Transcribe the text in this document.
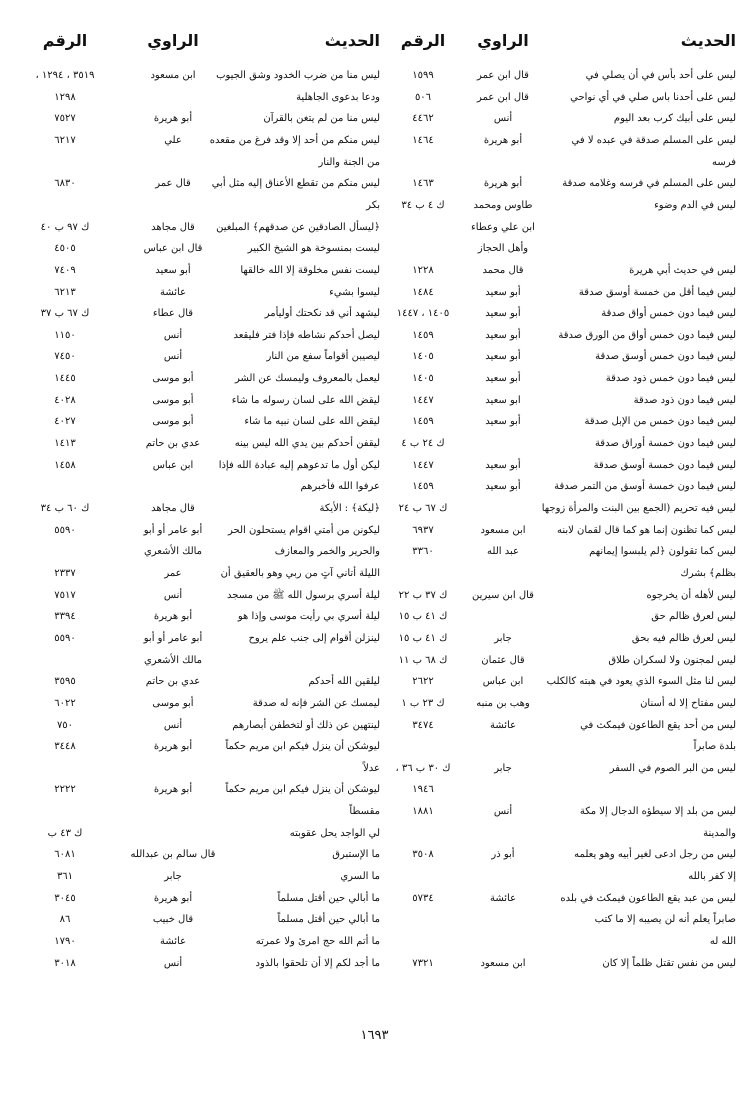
الحديث
الراوي
الرقم
الحديث
الراوي
الرقم
ليس على أحد بأس في أن يصلي في
قال ابن عمر
١٥٩٩
ليس منا من ضرب الخدود وشق الجيوب
ابن مسعود
٣٥١٩ ، ١٢٩٤ ،
ليس على أحدنا باس صلي في أي نواحي
قال ابن عمر
٥٠٦
ودعا بدعوى الجاهلية
١٢٩٨
ليس على أبيك كرب بعد اليوم
أنس
٤٤٦٢
ليس منا من لم يتغن بالقرآن
أبو هريرة
٧٥٢٧
ليس على المسلم صدقة في عبده لا في
أبو هريرة
١٤٦٤
ليس منكم من أحد إلا وقد فرغ من مقعده
علي
٦٢١٧
فرسه
من الجنة والنار
ليس على المسلم في فرسه وغلامه صدقة
أبو هريرة
١٤٦٣
ليس منكم من تقطع الأعناق إليه مثل أبي
قال عمر
٦٨٣٠
ليس في الدم وضوء
طاوس ومحمد
ك ٤ ب ٣٤
بكر
ابن علي وعطاء
﴿ليسأل الصادقين عن صدقهم﴾ المبلغين
قال مجاهد
ك ٩٧ ب ٤٠
وأهل الحجاز
ليست بمنسوخة هو الشيخ الكبير
قال ابن عباس
٤٥٠٥
ليس في حديث أبي هريرة
قال محمد
١٢٢٨
ليست نفس مخلوقة إلا الله خالقها
أبو سعيد
٧٤٠٩
ليس فيما أقل من خمسة أوسق صدقة
أبو سعيد
١٤٨٤
ليسوا بشيء
عائشة
٦٢١٣
ليس فيما دون خمس أواق صدقة
أبو سعيد
١٤٠٥ ، ١٤٤٧
ليشهد أني قد نكحتك أوليأمر
قال عطاء
ك ٦٧ ب ٣٧
ليس فيما دون خمس أواق من الورق صدقة
أبو سعيد
١٤٥٩
ليصل أحدكم نشاطه فإذا فتر فليقعد
أنس
١١٥٠
ليس فيما دون خمس أوسق صدقة
أبو سعيد
١٤٠٥
ليصيبن أقواماً سفع من النار
أنس
٧٤٥٠
ليس فيما دون خمس ذود صدقة
أبو سعيد
١٤٠٥
ليعمل بالمعروف وليمسك عن الشر
أبو موسى
١٤٤٥
ليس فيما دون ذود صدقة
ابو سعيد
١٤٤٧
ليقض الله على لسان رسوله ما شاء
أبو موسى
٤٠٢٨
ليس فيما دون خمس من الإبل صدقة
أبو سعيد
١٤٥٩
ليقض الله على لسان نبيه ما شاء
أبو موسى
٤٠٢٧
ليس فيما دون خمسة أوراق صدقة
ك ٢٤ ب ٤
ليقفن أحدكم بين يدي الله ليس بينه
عدي بن حاتم
١٤١٣
ليس فيما دون خمسة أوسق صدقة
أبو سعيد
١٤٤٧
ليكن أول ما تدعوهم إليه عبادة الله فإذا
ابن عباس
١٤٥٨
ليس فيما دون خمسة أوسق من التمر صدقة
أبو سعيد
١٤٥٩
عرفوا الله فأخبرهم
ليس فيه تحريم (الجمع بين البنت والمرأة زوجها
ك ٦٧ ب ٢٤
﴿ليكة﴾ : الأيكة
قال مجاهد
ك ٦٠ ب ٣٤
ليس كما تظنون إنما هو كما قال لقمان لابنه
ابن مسعود
٦٩٣٧
ليكونن من أمتي اقوام يستحلون الحر
أبو عامر أو أبو
٥٥٩٠
ليس كما تقولون ﴿لم يلبسوا إيمانهم
عبد الله
٣٣٦٠
والحرير والخمر والمعازف
مالك الأشعري
بظلم﴾ بشرك
الليلة أتاني آتٍ من ربي وهو بالعقيق أن
عمر
٢٣٣٧
ليس لأهله أن يخرجوه
قال ابن سيرين
ك ٣٧ ب ٢٢
ليلة أسري برسول الله ﷺ من مسجد
أنس
٧٥١٧
ليس لعرق ظالم حق
ك ٤١ ب ١٥
ليلة أسري بي رأيت موسى وإذا هو
أبو هريرة
٣٣٩٤
ليس لعرق ظالم فيه بحق
جابر
ك ٤١ ب ١٥
لينزلن أقوام إلى جنب علم يروح
أبو عامر أو أبو
٥٥٩٠
ليس لمجنون ولا لسكران طلاق
قال عثمان
ك ٦٨ ب ١١
مالك الأشعري
ليس لنا مثل السوء الذي يعود في هبته كالكلب
ابن عباس
٢٦٢٢
ليلقين الله أحدكم
عدي بن حاتم
٣٥٩٥
ليس مفتاح إلا له أسنان
وهب بن منبه
ك ٢٣ ب ١
ليمسك عن الشر فإنه له صدقة
أبو موسى
٦٠٢٢
ليس من أحد يقع الطاعون فيمكث في
عائشة
٣٤٧٤
لينتهين عن ذلك أو لتخطفن أبصارهم
أنس
٧٥٠
بلدة صابراً
ليوشكن أن ينزل فيكم ابن مريم حكماً
أبو هريرة
٣٤٤٨
ليس من البر الصوم في السفر
جابر
ك ٣٠ ب ٣٦ ،
عدلاً
١٩٤٦
ليوشكن أن ينزل فيكم ابن مريم حكماً
أبو هريرة
٢٢٢٢
ليس من بلد إلا سيطؤه الدجال إلا مكة
أنس
١٨٨١
مقسطاً
والمدينة
لي الواجد يحل عقوبته
ك ٤٣ ب
ليس من رجل ادعى لغير أبيه وهو يعلمه
أبو ذر
٣٥٠٨
ما الإستبرق
قال سالم بن عبدالله
٦٠٨١
إلا كفر بالله
ما السري
جابر
٣٦١
ليس من عبد يقع الطاعون فيمكث في بلده
عائشة
٥٧٣٤
ما أبالي حين أقتل مسلماً
أبو هريرة
٣٠٤٥
صابراً يعلم أنه لن يصيبه إلا ما كتب
ما أبالي حين أقتل مسلماً
قال خبيب
٨٦
الله له
ما أتم الله حج امرئ ولا عمرته
عائشة
١٧٩٠
ليس من نفس تقتل ظلماً إلا كان
ابن مسعود
٧٣٢١
ما أجد لكم إلا أن تلحقوا بالذود
أنس
٣٠١٨
١٦٩٣
